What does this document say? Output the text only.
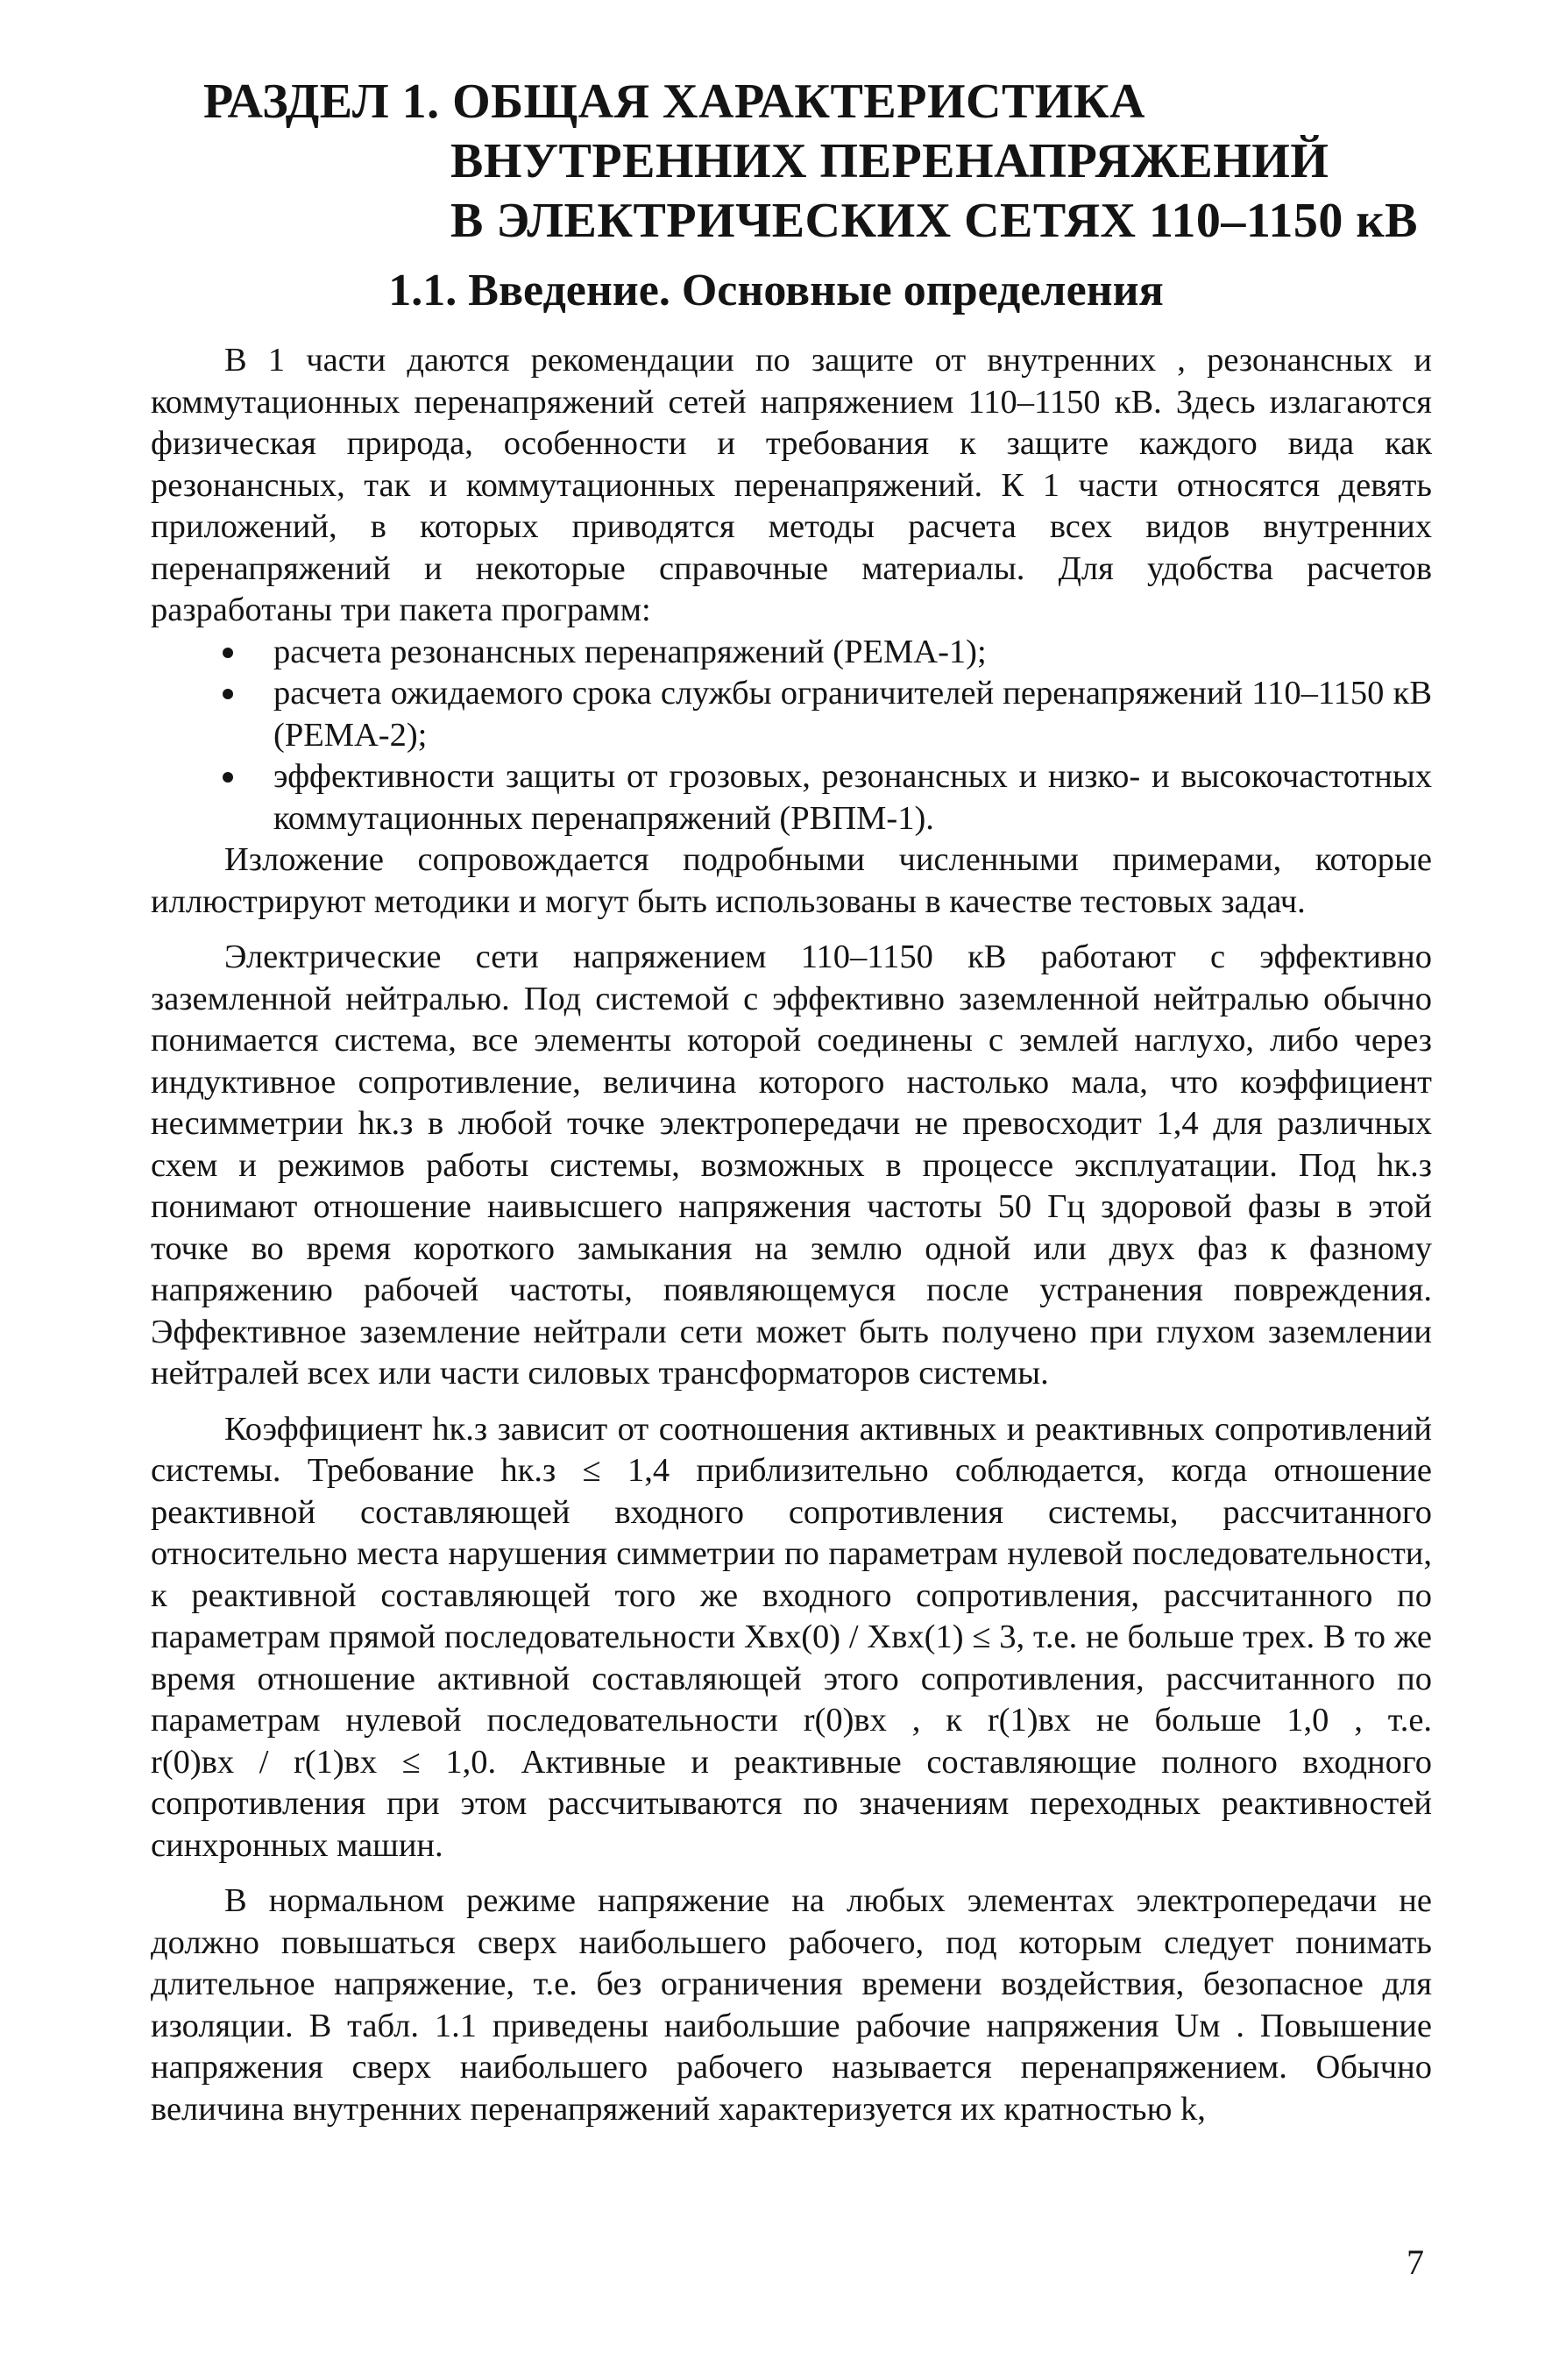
РАЗДЕЛ 1. ОБЩАЯ ХАРАКТЕРИСТИКА
ВНУТРЕННИХ ПЕРЕНАПРЯЖЕНИЙ
В ЭЛЕКТРИЧЕСКИХ СЕТЯХ 110–1150 кВ
1.1. Введение. Основные определения

В 1 части даются рекомендации по защите от внутренних , резонансных и коммутационных перенапряжений сетей напряжением 110–1150 кВ. Здесь излагаются физическая природа, особенности и требования к защите каждого вида как резонансных, так и коммутационных перенапряжений. К 1 части относятся девять приложений, в которых приводятся методы расчета всех видов внутренних перенапряжений и некоторые справочные материалы. Для удобства расчетов разработаны три пакета программ:

расчета резонансных перенапряжений (РЕМА-1);
расчета ожидаемого срока службы ограничителей перенапряжений 110–1150 кВ (РЕМА-2);
эффективности защиты от грозовых, резонансных и низко- и высокочастотных коммутационных перенапряжений (РВПМ-1).

Изложение сопровождается подробными численными примерами, которые иллюстрируют методики и могут быть использованы в качестве тестовых задач.

Электрические сети напряжением 110–1150 кВ работают с эффективно заземленной нейтралью. Под системой с эффективно заземленной нейтралью обычно понимается система, все элементы которой соединены с землей наглухо, либо через индуктивное сопротивление, величина которого настолько мала, что коэффициент несимметрии hк.з в любой точке электропередачи не превосходит 1,4 для различных схем и режимов работы системы, возможных в процессе эксплуатации. Под hк.з понимают отношение наивысшего напряжения частоты 50 Гц здоровой фазы в этой точке во время короткого замыкания на землю одной или двух фаз к фазному напряжению рабочей частоты, появляющемуся после устранения повреждения. Эффективное заземление нейтрали сети может быть получено при глухом заземлении нейтралей всех или части силовых трансформаторов системы.

Коэффициент hк.з зависит от соотношения активных и реактивных сопротивлений системы. Требование hк.з ≤ 1,4 приблизительно соблюдается, когда отношение реактивной составляющей входного сопротивления системы, рассчитанного относительно места нарушения симметрии по параметрам нулевой последовательности, к реактивной составляющей того же входного сопротивления, рассчитанного по параметрам прямой последовательности Xвх(0) / Xвх(1) ≤ 3, т.е. не больше трех. В то же время отношение активной составляющей этого сопротивления, рассчитанного по параметрам нулевой последовательности r(0)вх , к r(1)вх не больше 1,0 , т.е. r(0)вх / r(1)вх ≤ 1,0. Активные и реактивные составляющие полного входного сопротивления при этом рассчитываются по значениям переходных реактивностей синхронных машин.

В нормальном режиме напряжение на любых элементах электропередачи не должно повышаться сверх наибольшего рабочего, под которым следует понимать длительное напряжение, т.е. без ограничения времени воздействия, безопасное для изоляции. В табл. 1.1 приведены наибольшие рабочие напряжения Uм . Повышение напряжения сверх наибольшего рабочего называется перенапряжением. Обычно величина внутренних перенапряжений характеризуется их кратностью k,

7
